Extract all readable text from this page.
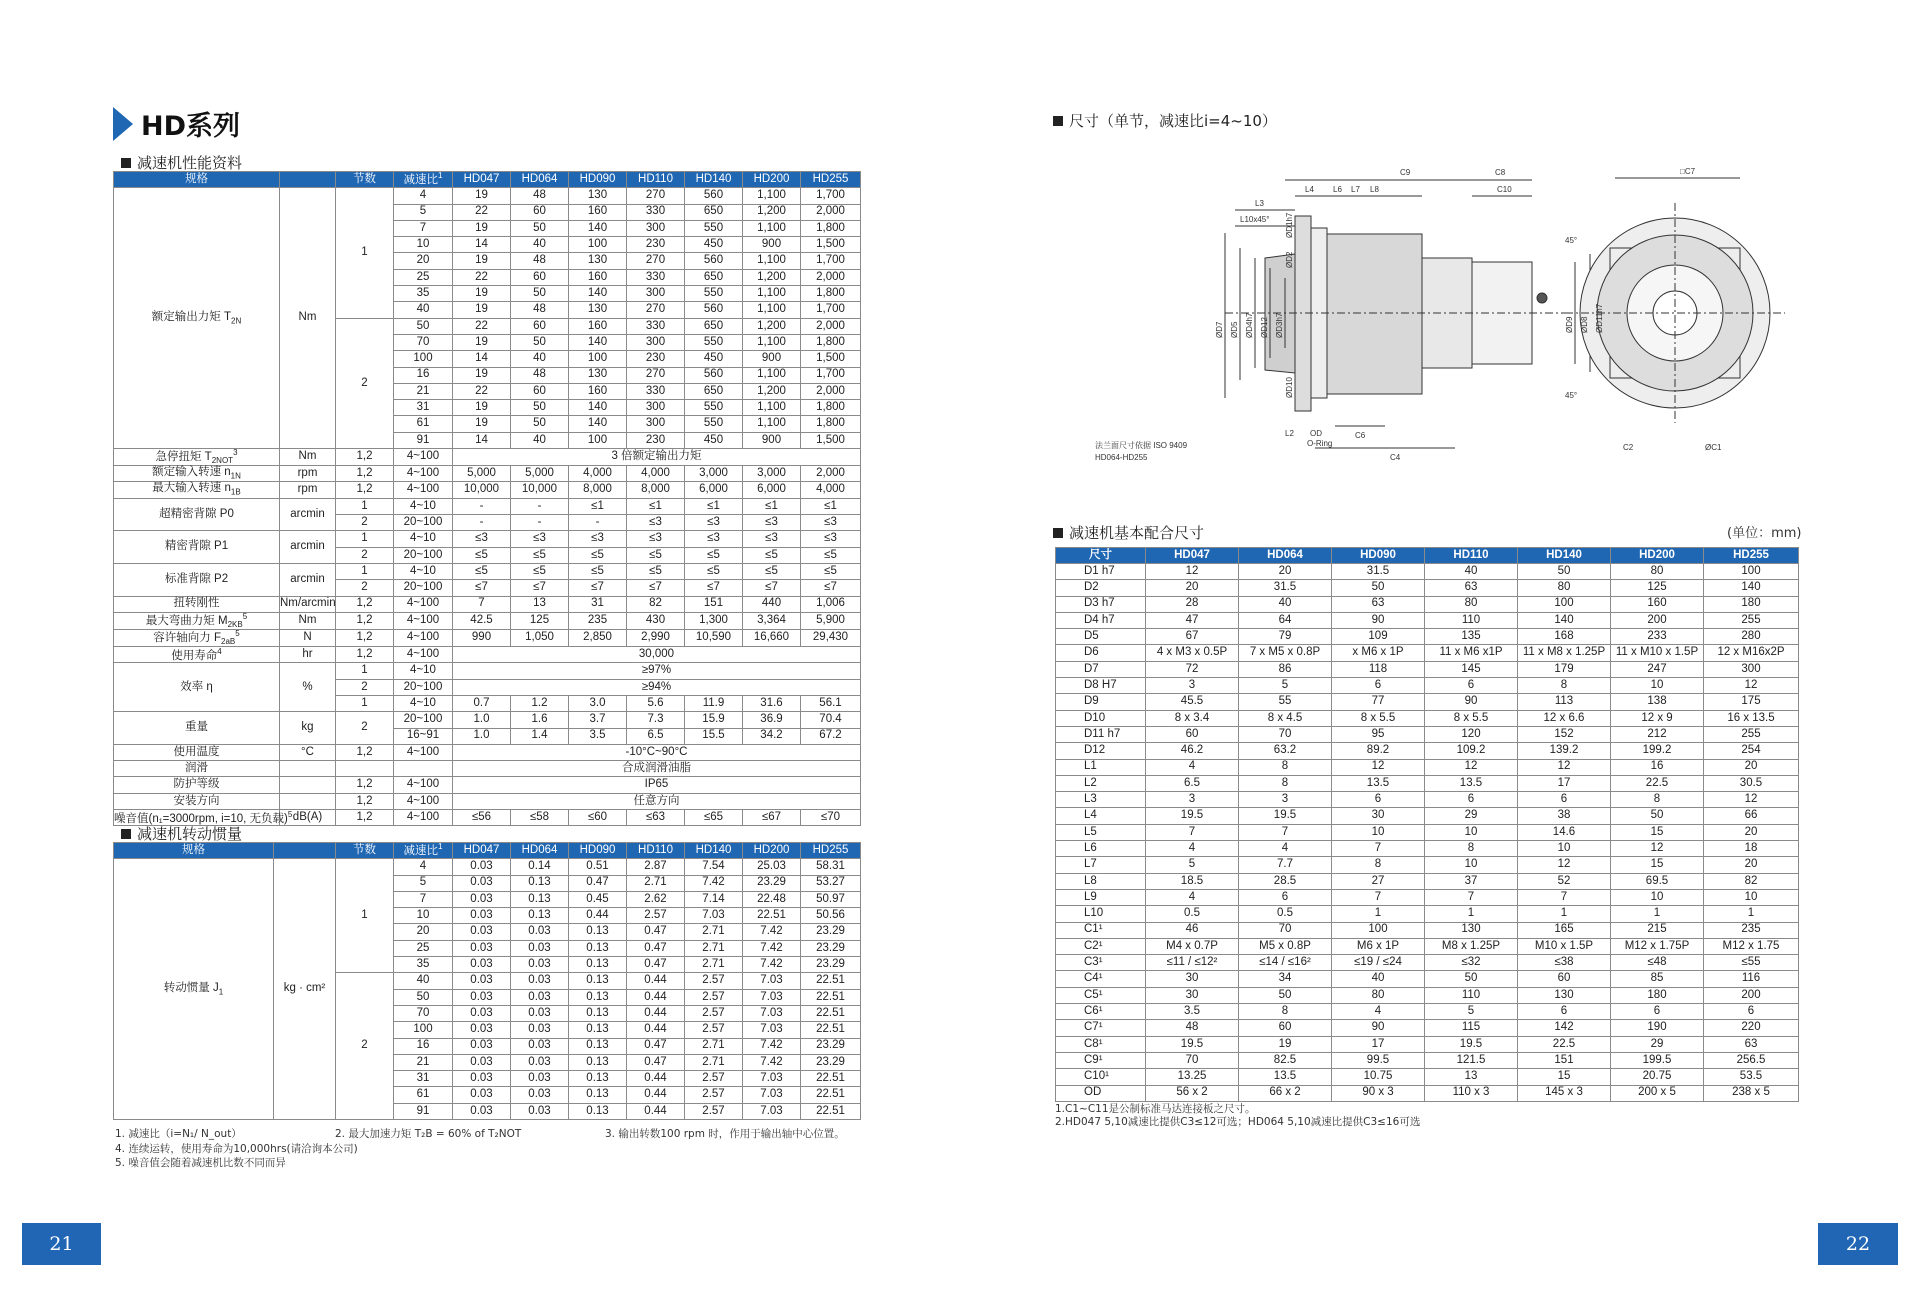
HD系列
减速机性能资料
规格		节数	减速比$^1$	HD047	HD064	HD090	HD110	HD140	HD200	HD255
额定输出力矩 $T_{2N}$	Nm	1	4	19	48	130	270	560	1,100	1,700
			5	22	60	160	330	650	1,200	2,000
			7	19	50	140	300	550	1,100	1,800
			10	14	40	100	230	450	900	1,500
			20	19	48	130	270	560	1,100	1,700
			25	22	60	160	330	650	1,200	2,000
			35	19	50	140	300	550	1,100	1,800
			40	19	48	130	270	560	1,100	1,700
		2	50	22	60	160	330	650	1,200	2,000
			70	19	50	140	300	550	1,100	1,800
			100	14	40	100	230	450	900	1,500
			16	19	48	130	270	560	1,100	1,700
			21	22	60	160	330	650	1,200	2,000
			31	19	50	140	300	550	1,100	1,800
			61	19	50	140	300	550	1,100	1,800
			91	14	40	100	230	450	900	1,500
急停扭矩 $T_{2NOT}^3$	Nm	1,2	4~100	3 倍额定输出力矩						
额定输入转速 $n_{1N}$	rpm	1,2	4~100	5,000	5,000	4,000	4,000	3,000	3,000	2,000
最大输入转速 $n_{1B}$	rpm	1,2	4~100	10,000	10,000	8,000	8,000	6,000	6,000	4,000
超精密背隙 P0	arcmin	1	4~10	-	-	≤1	≤1	≤1	≤1	≤1
		2	20~100	-	-	-	≤3	≤3	≤3	≤3
精密背隙 P1	arcmin	1	4~10	≤3	≤3	≤3	≤3	≤3	≤3	≤3
		2	20~100	≤5	≤5	≤5	≤5	≤5	≤5	≤5
标准背隙 P2	arcmin	1	4~10	≤5	≤5	≤5	≤5	≤5	≤5	≤5
		2	20~100	≤7	≤7	≤7	≤7	≤7	≤7	≤7
扭转刚性	Nm/arcmin	1,2	4~100	7	13	31	82	151	440	1,006
最大弯曲力矩 $M_{2KB}^5$	Nm	1,2	4~100	42.5	125	235	430	1,300	3,364	5,900
容许轴向力 $F_{2aB}^5$	N	1,2	4~100	990	1,050	2,850	2,990	10,590	16,660	29,430
使用寿命$^4$	hr	1,2	4~100	30,000						
效率 η	%	1	4~10	≥97%						
		2	20~100	≥94%						
		1	4~10	0.7	1.2	3.0	5.6	11.9	31.6	56.1
重量	kg	2	20~100	1.0	1.6	3.7	7.3	15.9	36.9	70.4
			16~91	1.0	1.4	3.5	6.5	15.5	34.2	67.2
使用温度	°C	1,2	4~100	-10°C~90°C						
润滑				合成润滑油脂						
防护等级		1,2	4~100	IP65						
安装方向		1,2	4~100	任意方向						
噪音值(n₁=3000rpm, i=10, 无负载)$^5$	dB(A)	1,2	4~100	≤56	≤58	≤60	≤63	≤65	≤67	≤70
减速机转动惯量
规格		节数	减速比$^1$	HD047	HD064	HD090	HD110	HD140	HD200	HD255
转动惯量 $J_1$	kg · cm²	1	4	0.03	0.14	0.51	2.87	7.54	25.03	58.31
			5	0.03	0.13	0.47	2.71	7.42	23.29	53.27
			7	0.03	0.13	0.45	2.62	7.14	22.48	50.97
			10	0.03	0.13	0.44	2.57	7.03	22.51	50.56
			20	0.03	0.03	0.13	0.47	2.71	7.42	23.29
			25	0.03	0.03	0.13	0.47	2.71	7.42	23.29
			35	0.03	0.03	0.13	0.47	2.71	7.42	23.29
		2	40	0.03	0.03	0.13	0.44	2.57	7.03	22.51
			50	0.03	0.03	0.13	0.44	2.57	7.03	22.51
			70	0.03	0.03	0.13	0.44	2.57	7.03	22.51
			100	0.03	0.03	0.13	0.44	2.57	7.03	22.51
			16	0.03	0.03	0.13	0.47	2.71	7.42	23.29
			21	0.03	0.03	0.13	0.47	2.71	7.42	23.29
			31	0.03	0.03	0.13	0.44	2.57	7.03	22.51
			61	0.03	0.03	0.13	0.44	2.57	7.03	22.51
			91	0.03	0.03	0.13	0.44	2.57	7.03	22.51
1. 减速比（i=N₁/ N_out）	2. 最大加速力矩 T₂B = 60% of T₂NOT	3. 输出转数100 rpm 时，作用于输出轴中心位置。
4. 连续运转，使用寿命为10,000hrs(请洽询本公司)
5. 噪音值会随着减速机比数不同而异
21
尺寸（单节，减速比i=4~10）
C9	C8
C10
L4	L8
L6 L7
L3
L10x45°
□C7
ØC1
C2
C4
C6
L2 OD
O-Ring
45°
45°
法兰面尺寸依据 ISO 9409
HD064-HD255
ØD7 ØD5 ØD4h7 ØD12 ØD3h7
ØD2
ØD1h7
ØD10
ØD9 ØD8 ØD11h7
减速机基本配合尺寸	(单位：mm)
尺寸	HD047	HD064	HD090	HD110	HD140	HD200	HD255
D1 h7	12	20	31.5	40	50	80	100
D2	20	31.5	50	63	80	125	140
D3 h7	28	40	63	80	100	160	180
D4 h7	47	64	90	110	140	200	255
D5	67	79	109	135	168	233	280
D6	4 x M3 x 0.5P	7 x M5 x 0.8P	x M6 x 1P	11 x M6 x1P	11 x M8 x 1.25P	11 x M10 x 1.5P	12 x M16x2P
D7	72	86	118	145	179	247	300
D8 H7	3	5	6	6	8	10	12
D9	45.5	55	77	90	113	138	175
D10	8 x 3.4	8 x 4.5	8 x 5.5	8 x 5.5	12 x 6.6	12 x 9	16 x 13.5
D11 h7	60	70	95	120	152	212	255
D12	46.2	63.2	89.2	109.2	139.2	199.2	254
L1	4	8	12	12	12	16	20
L2	6.5	8	13.5	13.5	17	22.5	30.5
L3	3	3	6	6	6	8	12
L4	19.5	19.5	30	29	38	50	66
L5	7	7	10	10	14.6	15	20
L6	4	4	7	8	10	12	18
L7	5	7.7	8	10	12	15	20
L8	18.5	28.5	27	37	52	69.5	82
L9	4	6	7	7	7	10	10
L10	0.5	0.5	1	1	1	1	1
C1¹	46	70	100	130	165	215	235
C2¹	M4 x 0.7P	M5 x 0.8P	M6 x 1P	M8 x 1.25P	M10 x 1.5P	M12 x 1.75P	M12 x 1.75
C3¹	≤11 / ≤12²	≤14 / ≤16²	≤19 / ≤24	≤32	≤38	≤48	≤55
C4¹	30	34	40	50	60	85	116
C5¹	30	50	80	110	130	180	200
C6¹	3.5	8	4	5	6	6	6
C7¹	48	60	90	115	142	190	220
C8¹	19.5	19	17	19.5	22.5	29	63
C9¹	70	82.5	99.5	121.5	151	199.5	256.5
C10¹	13.25	13.5	10.75	13	15	20.75	53.5
OD	56 x 2	66 x 2	90 x 3	110 x 3	145 x 3	200 x 5	238 x 5
1.C1~C11是公制标准马达连接板之尺寸。
2.HD047 5,10减速比提供C3≤12可选；HD064 5,10减速比提供C3≤16可选
22
